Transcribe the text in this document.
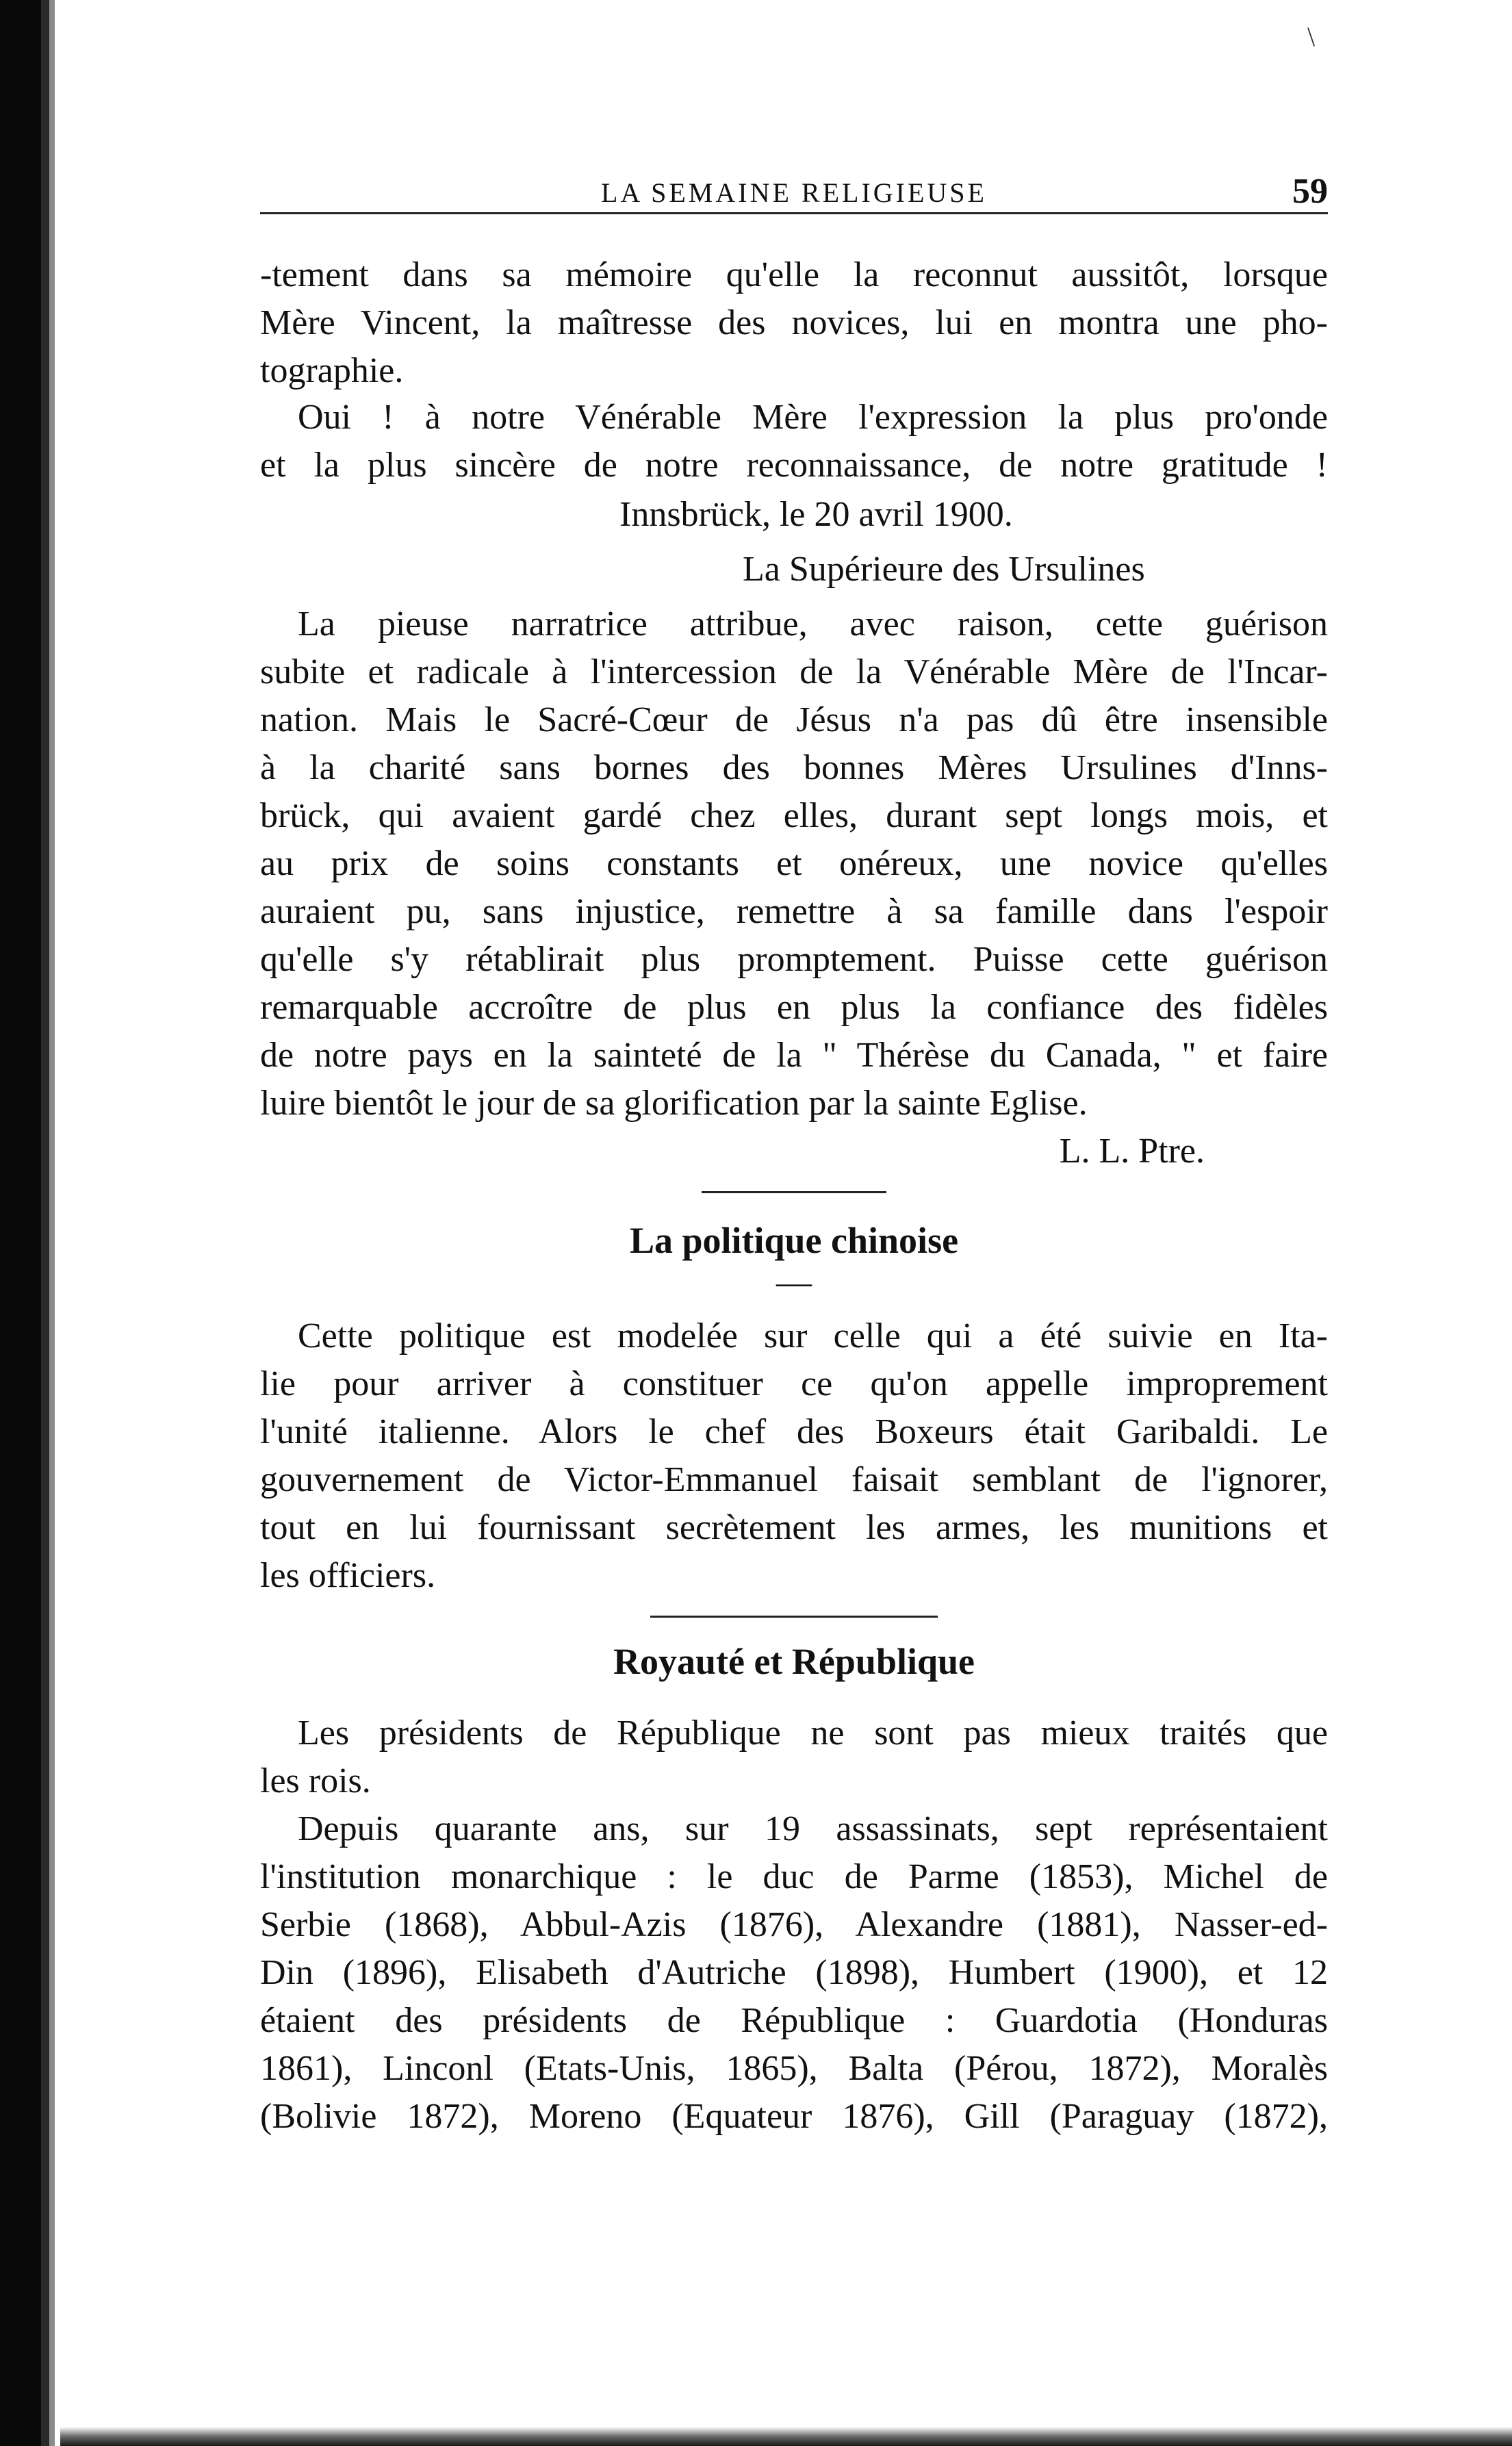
\
LA SEMAINE RELIGIEUSE	59
-tement dans sa mémoire qu'elle la reconnut aussitôt, lorsque
Mère Vincent, la maîtresse des novices, lui en montra une pho-
tographie.
Oui ! à notre Vénérable Mère l'expression la plus pro'onde
et la plus sincère de notre reconnaissance, de notre gratitude !
Innsbrück, le 20 avril 1900.
La Supérieure des Ursulines
La pieuse narratrice attribue, avec raison, cette guérison
subite et radicale à l'intercession de la Vénérable Mère de l'Incar-
nation. Mais le Sacré-Cœur de Jésus n'a pas dû être insensible
à la charité sans bornes des bonnes Mères Ursulines d'Inns-
brück, qui avaient gardé chez elles, durant sept longs mois, et
au prix de soins constants et onéreux, une novice qu'elles
auraient pu, sans injustice, remettre à sa famille dans l'espoir
qu'elle s'y rétablirait plus promptement. Puisse cette guérison
remarquable accroître de plus en plus la confiance des fidèles
de notre pays en la sainteté de la " Thérèse du Canada, " et faire
luire bientôt le jour de sa glorification par la sainte Eglise.
L. L. Ptre.
La politique chinoise
—
Cette politique est modelée sur celle qui a été suivie en Ita-
lie pour arriver à constituer ce qu'on appelle improprement
l'unité italienne. Alors le chef des Boxeurs était Garibaldi. Le
gouvernement de Victor-Emmanuel faisait semblant de l'ignorer,
tout en lui fournissant secrètement les armes, les munitions et
les officiers.
Royauté et République
Les présidents de République ne sont pas mieux traités que
les rois.
Depuis quarante ans, sur 19 assassinats, sept représentaient
l'institution monarchique : le duc de Parme (1853), Michel de
Serbie (1868), Abbul-Azis (1876), Alexandre (1881), Nasser-ed-
Din (1896), Elisabeth d'Autriche (1898), Humbert (1900), et 12
étaient des présidents de République : Guardotia (Honduras
1861), Linconl (Etats-Unis, 1865), Balta (Pérou, 1872), Moralès
(Bolivie 1872), Moreno (Equateur 1876), Gill (Paraguay (1872),
